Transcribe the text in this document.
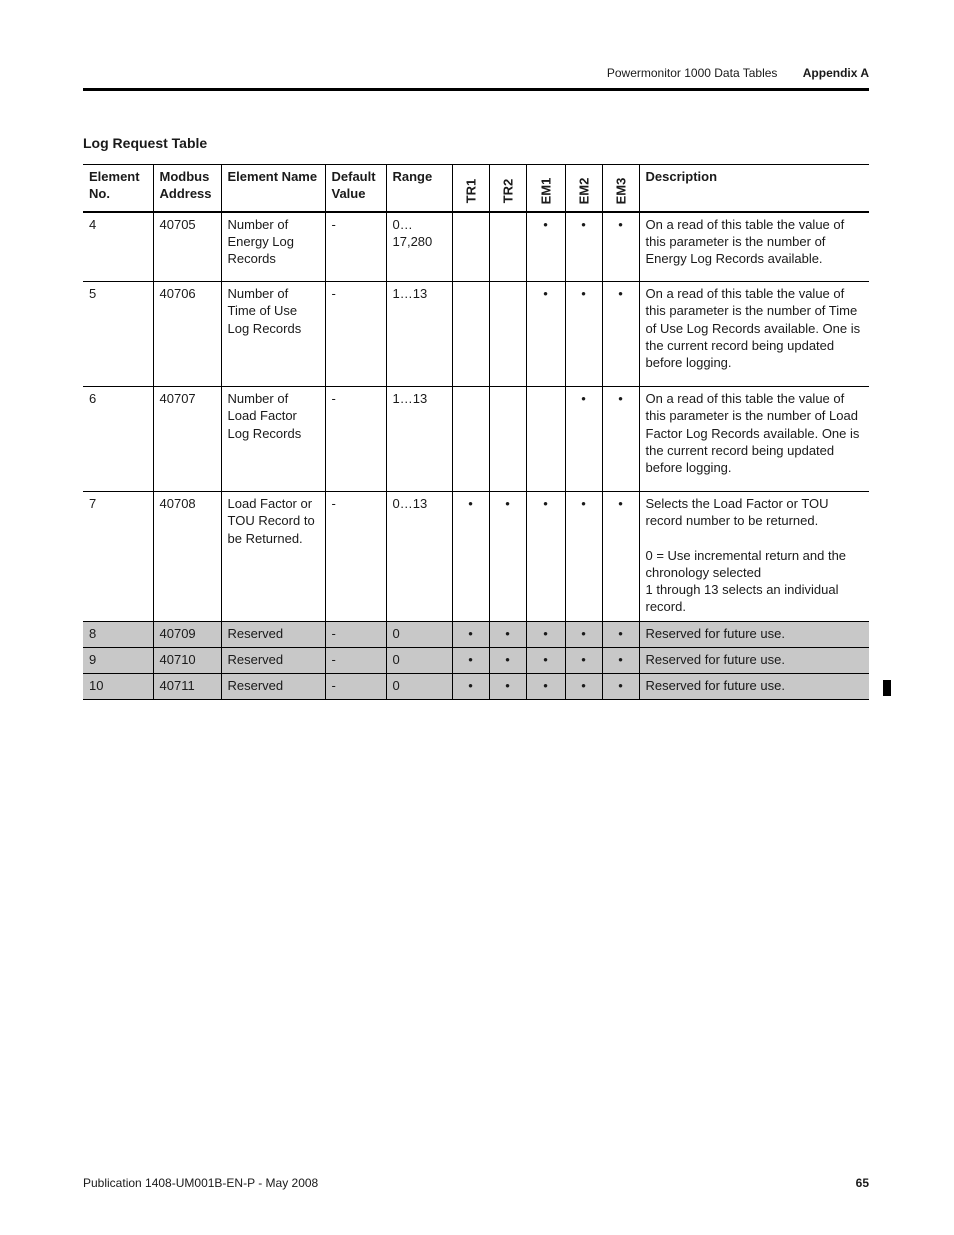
Powermonitor 1000 Data Tables Appendix A
Log Request Table
Element No.	Modbus Address	Element Name	Default Value	Range	TR1	TR2	EM1	EM2	EM3	Description
4	40705	Number of Energy Log Records	-	0… 17,280			•	•	•	On a read of this table the value of this parameter is the number of Energy Log Records available.

5	40706	Number of Time of Use Log Records	-	1…13			•	•	•	On a read of this table the value of this parameter is the number of Time of Use Log Records available. One is the current record being updated before logging.

6	40707	Number of Load Factor Log Records	-	1…13				•	•	On a read of this table the value of this parameter is the number of Load Factor Log Records available. One is the current record being updated before logging.

7	40708	Load Factor or TOU Record to be Returned.	-	0…13	•	•	•	•	•	Selects the Load Factor or TOU record number to be returned.

0 = Use incremental return and the chronology selected

1 through 13 selects an individual record.

8	40709	Reserved	-	0	•	•	•	•	•	Reserved for future use.
9	40710	Reserved	-	0	•	•	•	•	•	Reserved for future use.
10	40711	Reserved	-	0	•	•	•	•	•	Reserved for future use.
Publication 1408-UM001B-EN-P - May 2008	65
